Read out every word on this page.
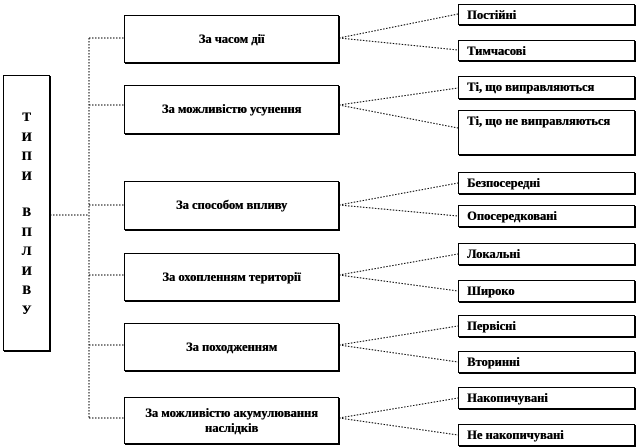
Т
И
П
И
В
П
Л
И
В
У
За часом дії
За можливістю усунення
За способом впливу
За охопленням території
За походженням
За можливістю акумулювання наслідків
Постійні
Тимчасові
Ті, що виправляються
Ті, що не виправляються
Безпосередні
Опосередковані
Локальні
Широко
Первісні
Вторинні
Накопичувані
Не накопичувані
